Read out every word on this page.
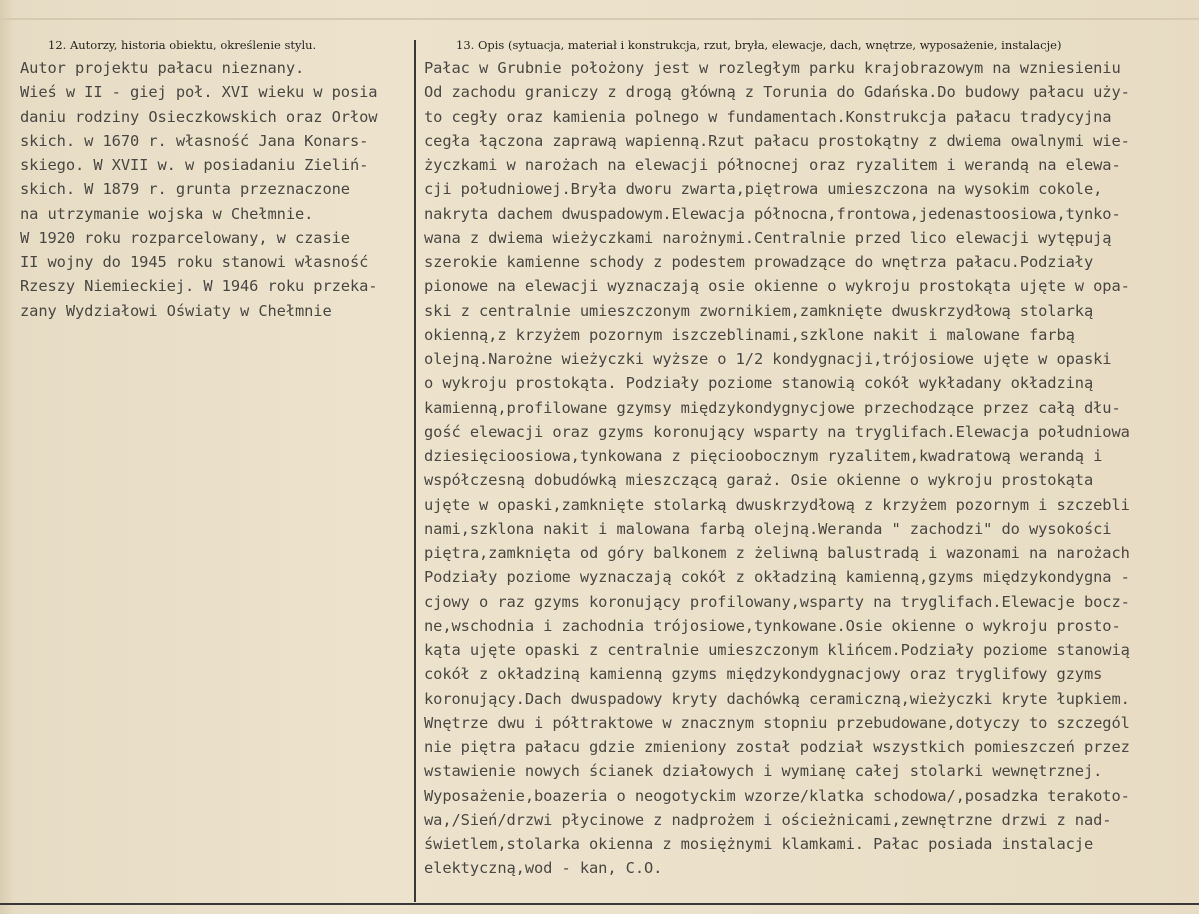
12. Autorzy, historia obiektu, określenie stylu.	13. Opis (sytuacja, materiał i konstrukcja, rzut, bryła, elewacje, dach, wnętrze, wyposażenie, instalacje)
Autor projektu pałacu nieznany.
Wieś w II - giej poł. XVI wieku w posia
daniu rodziny Osieczkowskich oraz Orłow
skich. w 1670 r. własność Jana Konars-
skiego. W XVII w. w posiadaniu Zieliń-
skich. W 1879 r. grunta przeznaczone
na utrzymanie wojska w Chełmnie.
W 1920 roku rozparcelowany, w czasie
II wojny do 1945 roku stanowi własność
Rzeszy Niemieckiej. W 1946 roku przeka-
zany Wydziałowi Oświaty w Chełmnie
Pałac w Grubnie położony jest w rozległym parku krajobrazowym na wzniesieniu
Od zachodu graniczy z drogą główną z Torunia do Gdańska.Do budowy pałacu uży-
to cegły oraz kamienia polnego w fundamentach.Konstrukcja pałacu tradycyjna
cegła łączona zaprawą wapienną.Rzut pałacu prostokątny z dwiema owalnymi wie-
życzkami w narożach na elewacji północnej oraz ryzalitem i werandą na elewa-
cji południowej.Bryła dworu zwarta,piętrowa umieszczona na wysokim cokole,
nakryta dachem dwuspadowym.Elewacja północna,frontowa,jedenastoosiowa,tynko-
wana z dwiema wieżyczkami narożnymi.Centralnie przed lico elewacji wytępują
szerokie kamienne schody z podestem prowadzące do wnętrza pałacu.Podziały
pionowe na elewacji wyznaczają osie okienne o wykroju prostokąta ujęte w opa-
ski z centralnie umieszczonym zwornikiem,zamknięte dwuskrzydłową stolarką
okienną,z krzyżem pozornym iszczeblinami,szklone nakit i malowane farbą
olejną.Narożne wieżyczki wyższe o 1/2 kondygnacji,trójosiowe ujęte w opaski
o wykroju prostokąta. Podziały poziome stanowią cokół wykładany okładziną
kamienną,profilowane gzymsy międzykondygnycjowe przechodzące przez całą dłu-
gość elewacji oraz gzyms koronujący wsparty na tryglifach.Elewacja południowa
dziesięcioosiowa,tynkowana z pięcioobocznym ryzalitem,kwadratową werandą i
współczesną dobudówką mieszczącą garaż. Osie okienne o wykroju prostokąta
ujęte w opaski,zamknięte stolarką dwuskrzydłową z krzyżem pozornym i szczebli
nami,szklona nakit i malowana farbą olejną.Weranda " zachodzi" do wysokości
piętra,zamknięta od góry balkonem z żeliwną balustradą i wazonami na narożach
Podziały poziome wyznaczają cokół z okładziną kamienną,gzyms międzykondygna -
cjowy o raz gzyms koronujący profilowany,wsparty na tryglifach.Elewacje bocz-
ne,wschodnia i zachodnia trójosiowe,tynkowane.Osie okienne o wykroju prosto-
kąta ujęte opaski z centralnie umieszczonym klińcem.Podziały poziome stanowią
cokół z okładziną kamienną gzyms międzykondygnacjowy oraz tryglifowy gzyms
koronujący.Dach dwuspadowy kryty dachówką ceramiczną,wieżyczki kryte łupkiem.
Wnętrze dwu i półtraktowe w znacznym stopniu przebudowane,dotyczy to szczegól
nie piętra pałacu gdzie zmieniony został podział wszystkich pomieszczeń przez
wstawienie nowych ścianek działowych i wymianę całej stolarki wewnętrznej.
Wyposażenie,boazeria o neogotyckim wzorze/klatka schodowa/,posadzka terakoto-
wa,/Sień/drzwi płycinowe z nadprożem i ościeżnicami,zewnętrzne drzwi z nad-
świetlem,stolarka okienna z mosiężnymi klamkami. Pałac posiada instalacje
elektyczną,wod - kan, C.O.
